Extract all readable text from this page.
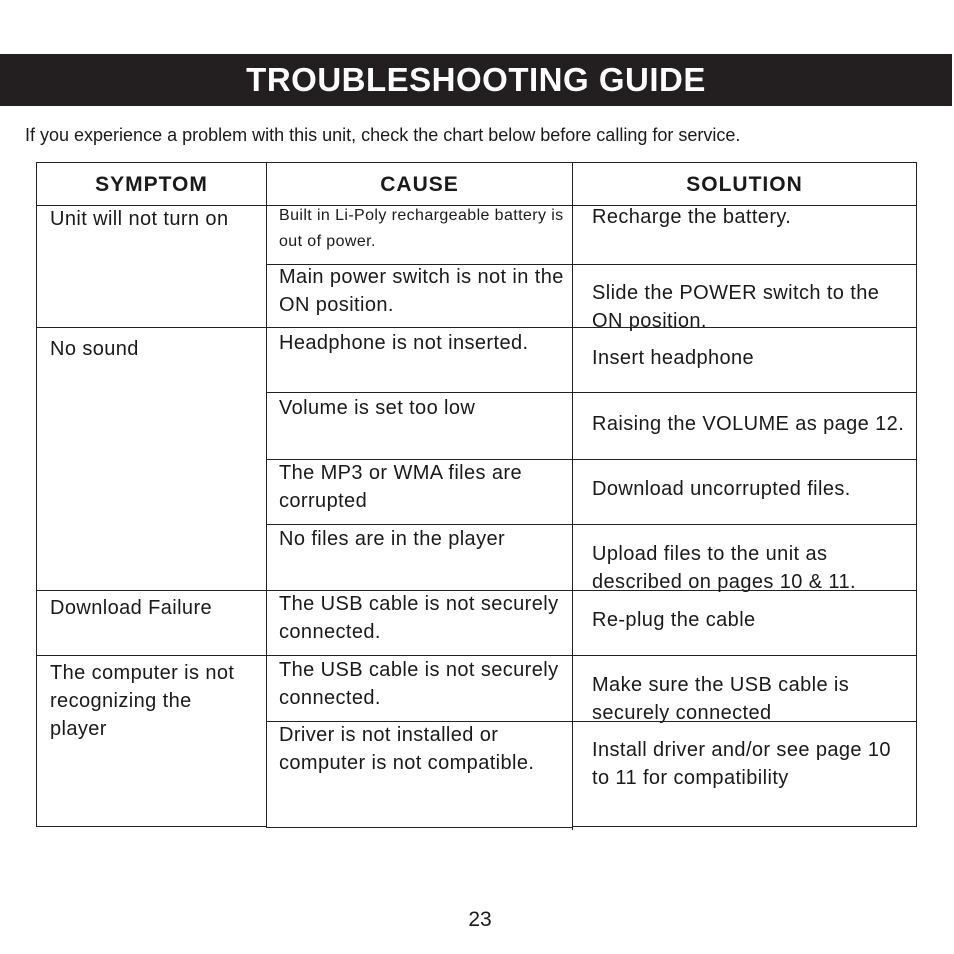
TROUBLESHOOTING GUIDE
If you experience a problem with this unit, check the chart below before calling for service.
SYMPTOM	CAUSE	SOLUTION
Unit will not turn on
No sound
Download Failure
The computer is not recognizing the player
Built in Li-Poly rechargeable battery is out of power.
Main power switch is not in the ON position.
Headphone is not inserted.
Volume is set too low
The MP3 or WMA files are corrupted
No files are in the player
The USB cable is not securely connected.
The USB cable is not securely connected.
Driver is not installed or computer is not compatible.
Recharge the battery.
Slide the POWER switch to the ON position.
Insert headphone
Raising the VOLUME as page 12.
Download uncorrupted files.
Upload files to the unit as described on pages 10 & 11.
Re-plug the cable
Make sure the USB cable is securely connected
Install driver and/or see page 10 to 11 for compatibility
23
